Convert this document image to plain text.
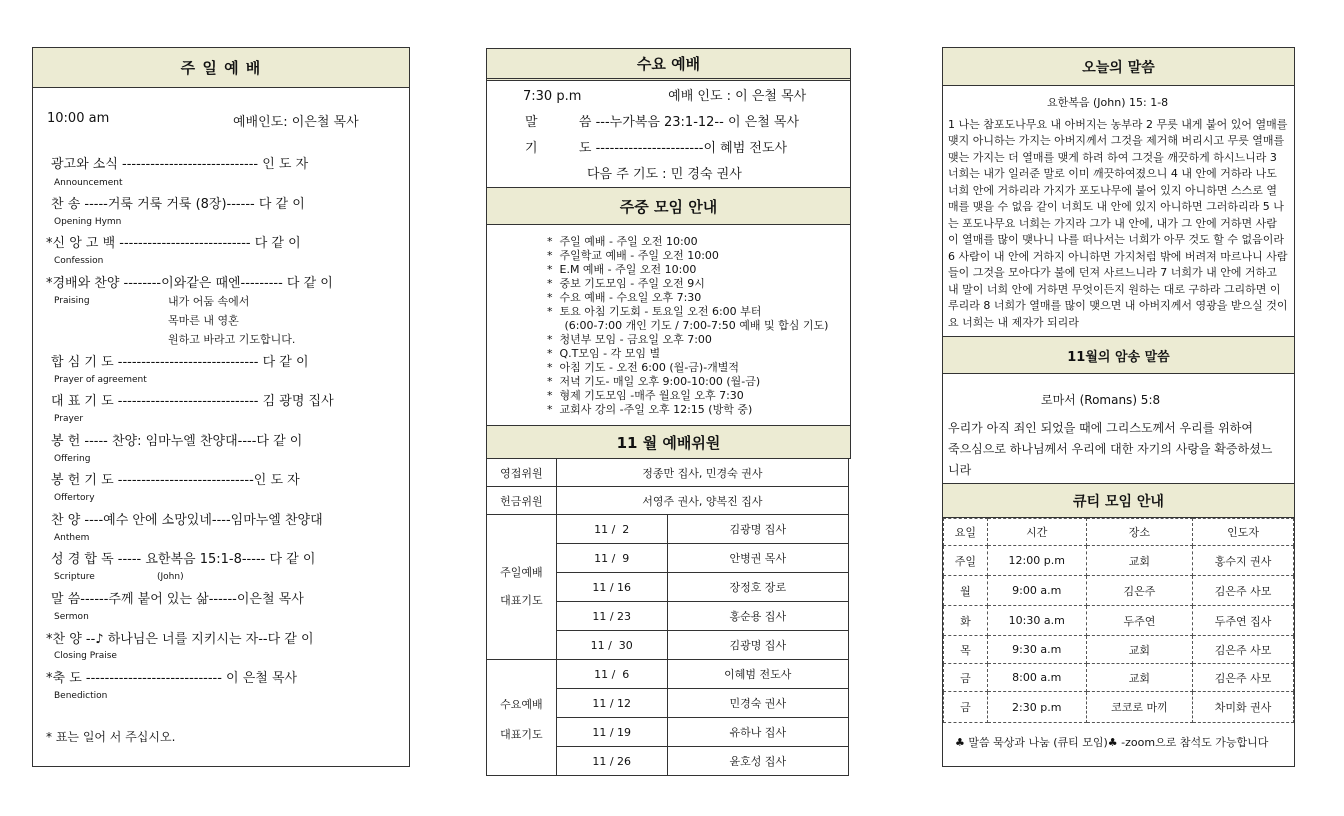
주 일 예 배
10:00 am	예배인도: 이은철 목사
광고와 소식 ----------------------------- 인 도 자
Announcement
찬 송 -----거룩 거룩 거룩 (8장)------ 다 같 이
Opening Hymn
*신 앙 고 백 ---------------------------- 다 같 이
Confession
*경배와 찬양 --------이와같은 때엔--------- 다 같 이
Praising	내가 어둠 속에서
목마른 내 영혼
원하고 바라고 기도합니다.
합 심 기 도 ------------------------------ 다 같 이
Prayer of agreement
대 표 기 도 ------------------------------ 김 광명 집사
Prayer
봉 헌 ----- 찬양: 임마누엘 찬양대----다 같 이
Offering
봉 헌 기 도 -----------------------------인 도 자
Offertory
찬 양 ----예수 안에 소망있네----임마누엘 찬양대
Anthem
성 경 합 독 ----- 요한복음 15:1-8----- 다 같 이
Scripture	(John)
말 씀------주께 붙어 있는 삶------이은철 목사
Sermon
*찬 양 --♪ 하나님은 너를 지키시는 자--다 같 이
Closing Praise
*축 도 ----------------------------- 이 은철 목사
Benediction
* 표는 일어 서 주십시오.
수요 예배
7:30 p.m                     예배 인도 : 이 은철 목사
말          씀 ---누가복음 23:1-12-- 이 은철 목사
기          도 -----------------------이 혜범 전도사
다음 주 기도 : 민 경숙 권사
주중 모임 안내
*  주일 예배 - 주일 오전 10:00
*  주일학교 예배 - 주일 오전 10:00
*  E.M 예배 - 주일 오전 10:00
*  중보 기도모임 - 주일 오전 9시
*  수요 예배 - 수요일 오후 7:30
*  토요 아침 기도회 - 토요일 오전 6:00 부터
(6:00-7:00 개인 기도 / 7:00-7:50 예배 및 합심 기도)
*  청년부 모임 - 금요일 오후 7:00
*  Q.T모임 - 각 모임 별
*  아침 기도 - 오전 6:00 (월-금)-개별적
*  저녁 기도- 매일 오후 9:00-10:00 (월-금)
*  형제 기도모임 -매주 월요일 오후 7:30
*  교회사 강의 -주일 오후 12:15 (방학 중)
11 월 예배위원
영접위원	정종만 집사, 민경숙 권사	
헌금위원	서영주 권사, 양복진 집사	
주일예배
대표기도	11 /  2	김광명 집사
	11 /  9	안병권 목사
	11 / 16	장정호 장로
	11 / 23	홍순용 집사
	11 /  30	김광명 집사
수요예배
대표기도	11 /  6	이혜범 전도사
	11 / 12	민경숙 권사
	11 / 19	유하나 집사
	11 / 26	윤호성 집사
오늘의 말씀
요한복음 (John) 15: 1-8
1 나는 참포도나무요 내 아버지는 농부라 2 무릇 내게 붙어 있어 열매를
맺지 아니하는 가지는 아버지께서 그것을 제거해 버리시고 무릇 열매를
맺는 가지는 더 열매를 맺게 하려 하여 그것을 깨끗하게 하시느니라 3
너희는 내가 일러준 말로 이미 깨끗하여졌으니 4 내 안에 거하라 나도
너희 안에 거하리라 가지가 포도나무에 붙어 있지 아니하면 스스로 열
매를 맺을 수 없음 같이 너희도 내 안에 있지 아니하면 그러하리라 5 나
는 포도나무요 너희는 가지라 그가 내 안에, 내가 그 안에 거하면 사람
이 열매를 많이 맺나니 나를 떠나서는 너희가 아무 것도 할 수 없음이라
6 사람이 내 안에 거하지 아니하면 가지처럼 밖에 버려져 마르나니 사람
들이 그것을 모아다가 불에 던져 사르느니라 7 너희가 내 안에 거하고
내 말이 너희 안에 거하면 무엇이든지 원하는 대로 구하라 그리하면 이
루리라 8 너희가 열매를 많이 맺으면 내 아버지께서 영광을 받으실 것이
요 너희는 내 제자가 되리라
11월의 암송 말씀
로마서 (Romans) 5:8
우리가 아직 죄인 되었을 때에 그리스도께서 우리를 위하여
죽으심으로 하나님께서 우리에 대한 자기의 사랑을 확증하셨느
니라
큐티 모임 안내
요일	시간	장소	인도자
주일	12:00 p.m	교회	홍수지 권사
월	9:00 a.m	김은주	김은주 사모
화	10:30 a.m	두주연	두주연 집사
목	9:30 a.m	교회	김은주 사모
금	8:00 a.m	교회	김은주 사모
금	2:30 p.m	코코로 마끼	차미화 권사
♣ 말씀 묵상과 나눔 (큐티 모임)♣ -zoom으로 참석도 가능합니다
